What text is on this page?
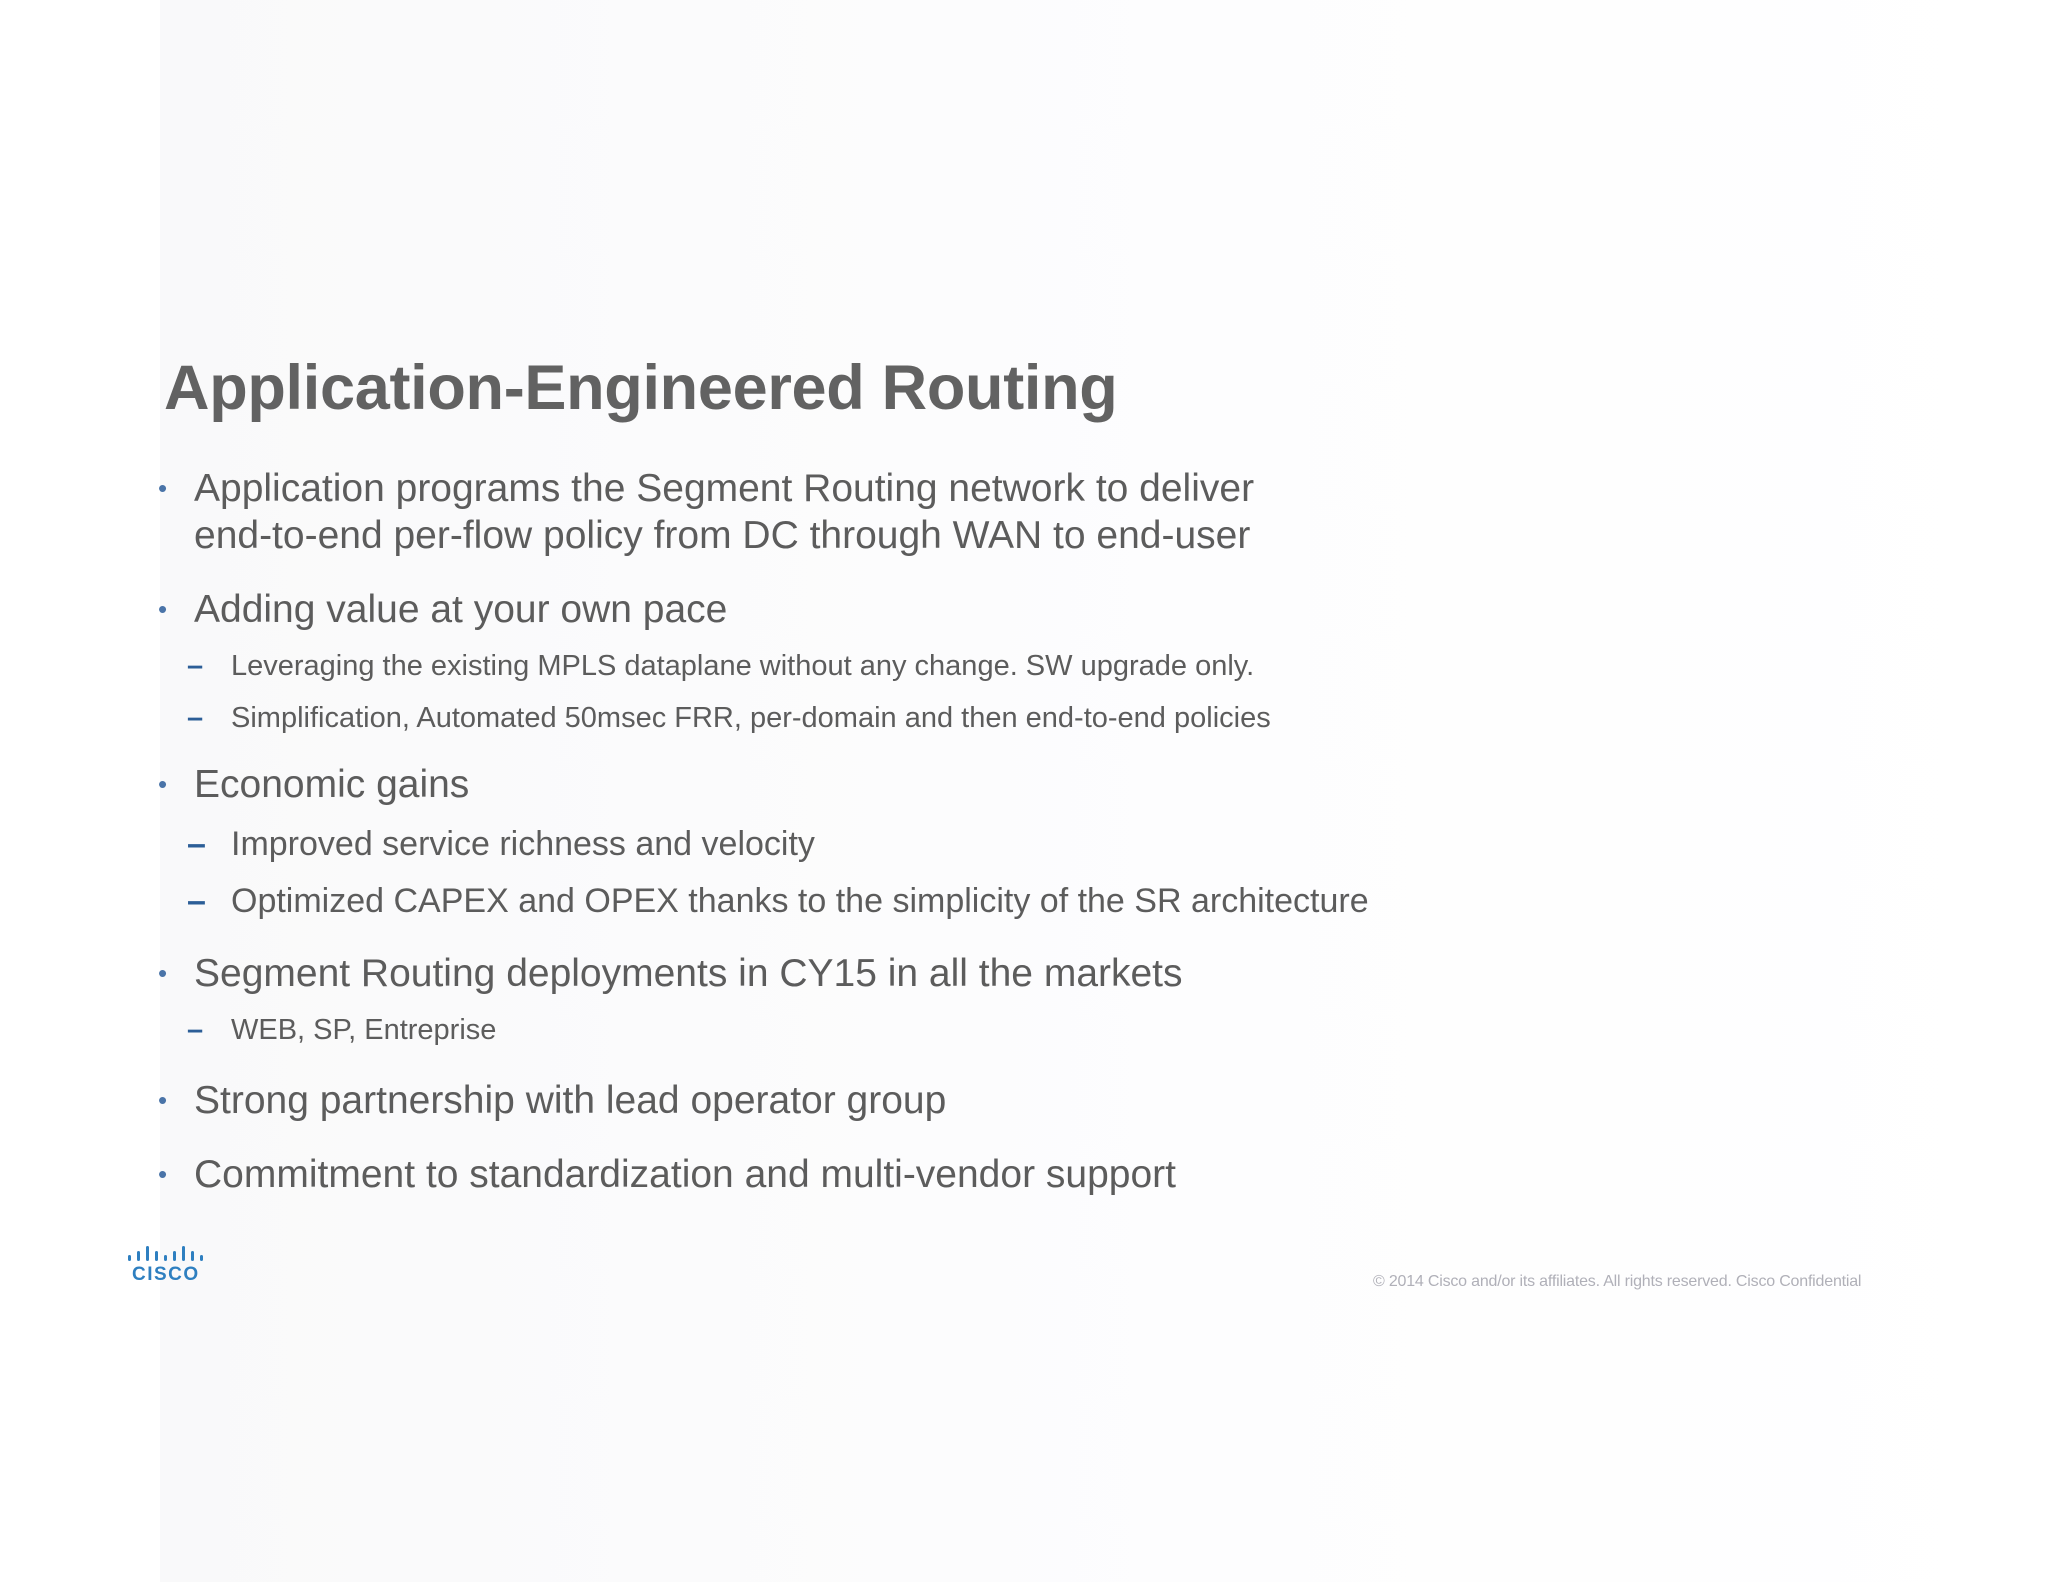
Application-Engineered Routing
• Application programs the Segment Routing network to deliver
end-to-end per-flow policy from DC through WAN to end-user
• Adding value at your own pace
– Leveraging the existing MPLS dataplane without any change. SW upgrade only.
– Simplification, Automated 50msec FRR, per-domain and then end-to-end policies
• Economic gains
– Improved service richness and velocity
– Optimized CAPEX and OPEX thanks to the simplicity of the SR architecture
• Segment Routing deployments in CY15 in all the markets
– WEB, SP, Entreprise
• Strong partnership with lead operator group
• Commitment to standardization and multi-vendor support
CISCO	© 2014 Cisco and/or its affiliates. All rights reserved. Cisco Confidential
